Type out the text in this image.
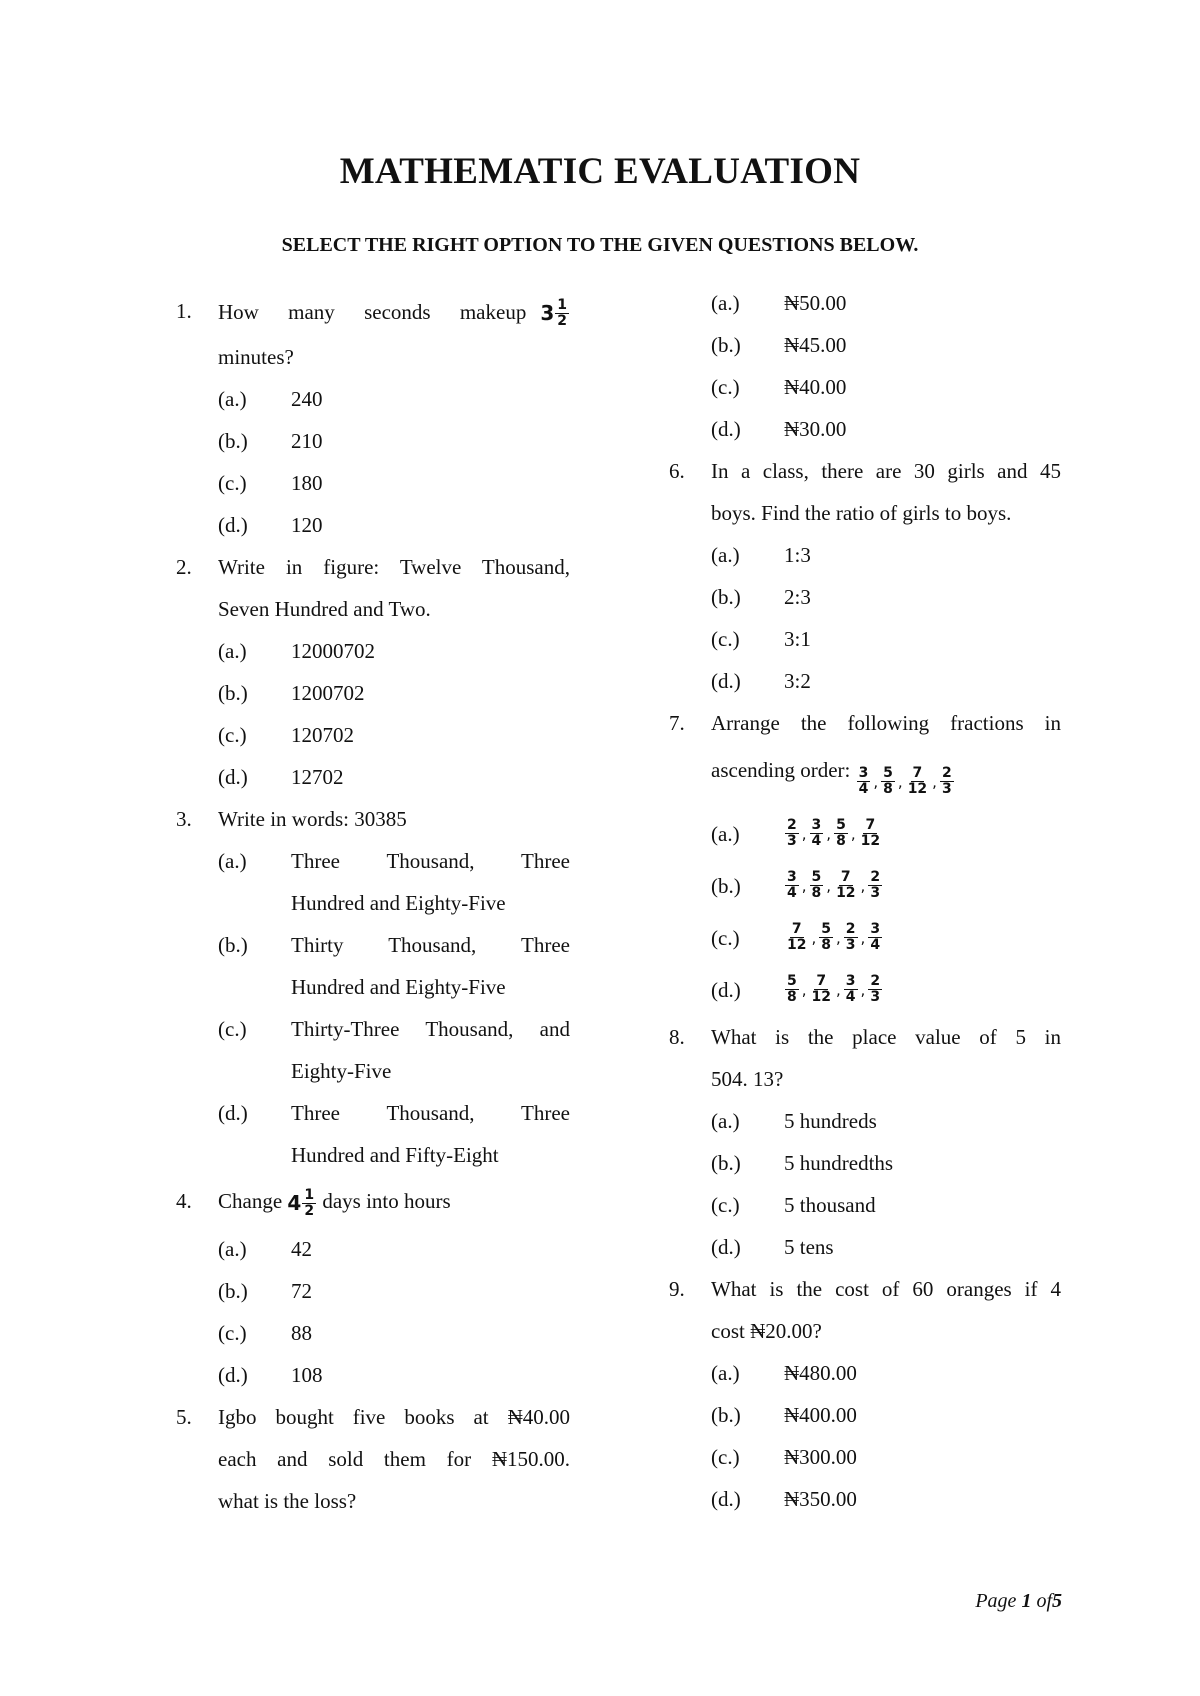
MATHEMATIC EVALUATION
SELECT THE RIGHT OPTION TO THE GIVEN QUESTIONS BELOW.
1.	How many seconds makeup $3 \frac{1}{2}$
minutes?
(a.)	240
(b.)	210
(c.)	180
(d.)	120
2.	Write in figure: Twelve Thousand,
Seven Hundred and Two.
(a.)	12000702
(b.)	1200702
(c.)	120702
(d.)	12702
3.	Write in words: 30385
(a.)	Three Thousand, Three
Hundred and Eighty-Five
(b.)	Thirty Thousand, Three
Hundred and Eighty-Five
(c.)	Thirty-Three Thousand, and
Eighty-Five
(d.)	Three Thousand, Three
Hundred and Fifty-Eight
4.	Change $4 \frac{1}{2}$ days into hours
(a.)	42
(b.)	72
(c.)	88
(d.)	108
5.	Igbo bought five books at ₦40.00
each and sold them for ₦150.00.
what is the loss?
(a.)	₦50.00
(b.)	₦45.00
(c.)	₦40.00
(d.)	₦30.00
6.	In a class, there are 30 girls and 45
boys. Find the ratio of girls to boys.
(a.)	1:3
(b.)	2:3
(c.)	3:1
(d.)	3:2
7.	Arrange the following fractions in
ascending order: $\frac{3}{4}$ , $\frac{5}{8}$ , $\frac{7}{12}$ , $\frac{2}{3}$
(a.)	$\frac{2}{3}$ , $\frac{3}{4}$ , $\frac{5}{8}$ , $\frac{7}{12}$
(b.)	$\frac{3}{4}$ , $\frac{5}{8}$ , $\frac{7}{12}$ , $\frac{2}{3}$
(c.)	$\frac{7}{12}$ , $\frac{5}{8}$ , $\frac{2}{3}$ , $\frac{3}{4}$
(d.)	$\frac{5}{8}$ , $\frac{7}{12}$ , $\frac{3}{4}$ , $\frac{2}{3}$
8.	What is the place value of 5 in
504. 13?
(a.)	5 hundreds
(b.)	5 hundredths
(c.)	5 thousand
(d.)	5 tens
9.	What is the cost of 60 oranges if 4
cost ₦20.00?
(a.)	₦480.00
(b.)	₦400.00
(c.)	₦300.00
(d.)	₦350.00
Page 1 of5
